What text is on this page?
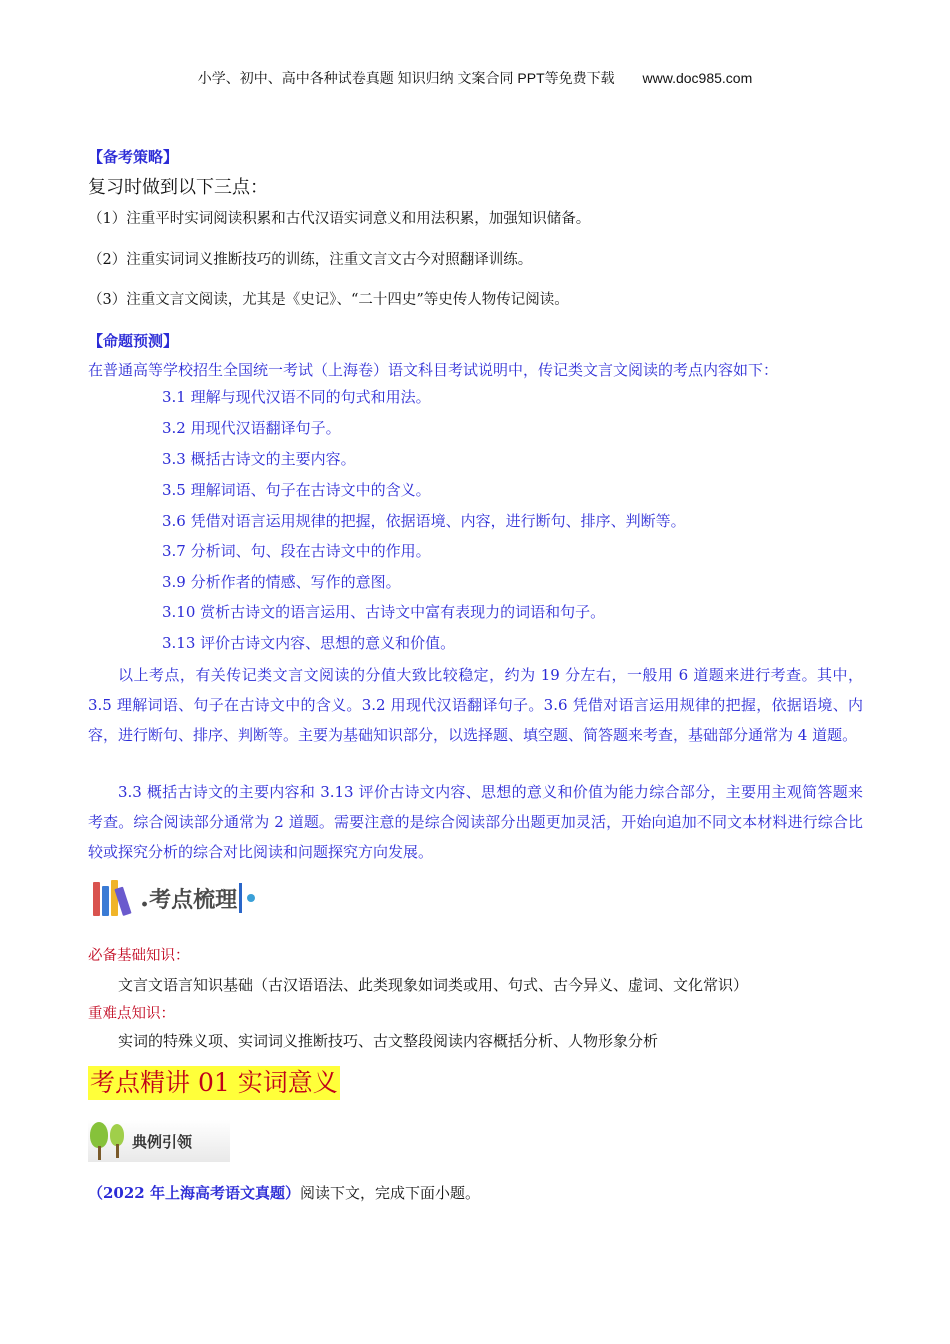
小学、初中、高中各种试卷真题 知识归纳 文案合同 PPT等免费下载 www.doc985.com
【备考策略】
复习时做到以下三点：
（1）注重平时实词阅读积累和古代汉语实词意义和用法积累，加强知识储备。
（2）注重实词词义推断技巧的训练，注重文言文古今对照翻译训练。
（3）注重文言文阅读，尤其是《史记》、“二十四史”等史传人物传记阅读。
【命题预测】
在普通高等学校招生全国统一考试（上海卷）语文科目考试说明中，传记类文言文阅读的考点内容如下：
3.1 理解与现代汉语不同的句式和用法。
3.2 用现代汉语翻译句子。
3.3 概括古诗文的主要内容。
3.5 理解词语、句子在古诗文中的含义。
3.6 凭借对语言运用规律的把握，依据语境、内容，进行断句、排序、判断等。
3.7 分析词、句、段在古诗文中的作用。
3.9 分析作者的情感、写作的意图。
3.10 赏析古诗文的语言运用、古诗文中富有表现力的词语和句子。
3.13 评价古诗文内容、思想的意义和价值。
以上考点，有关传记类文言文阅读的分值大致比较稳定，约为 19 分左右，一般用 6 道题来进行考查。其中，3.5 理解词语、句子在古诗文中的含义。3.2 用现代汉语翻译句子。3.6 凭借对语言运用规律的把握，依据语境、内容，进行断句、排序、判断等。主要为基础知识部分，以选择题、填空题、简答题来考查，基础部分通常为 4 道题。
3.3 概括古诗文的主要内容和 3.13 评价古诗文内容、思想的意义和价值为能力综合部分，主要用主观简答题来考查。综合阅读部分通常为 2 道题。需要注意的是综合阅读部分出题更加灵活，开始向追加不同文本材料进行综合比较或探究分析的综合对比阅读和问题探究方向发展。
. 考点梳理
必备基础知识：
文言文语言知识基础（古汉语语法、此类现象如词类或用、句式、古今异义、虚词、文化常识）
重难点知识：
实词的特殊义项、实词词义推断技巧、古文整段阅读内容概括分析、人物形象分析
考点精讲 01 实词意义
典例引领
（2022 年上海高考语文真题）阅读下文，完成下面小题。
